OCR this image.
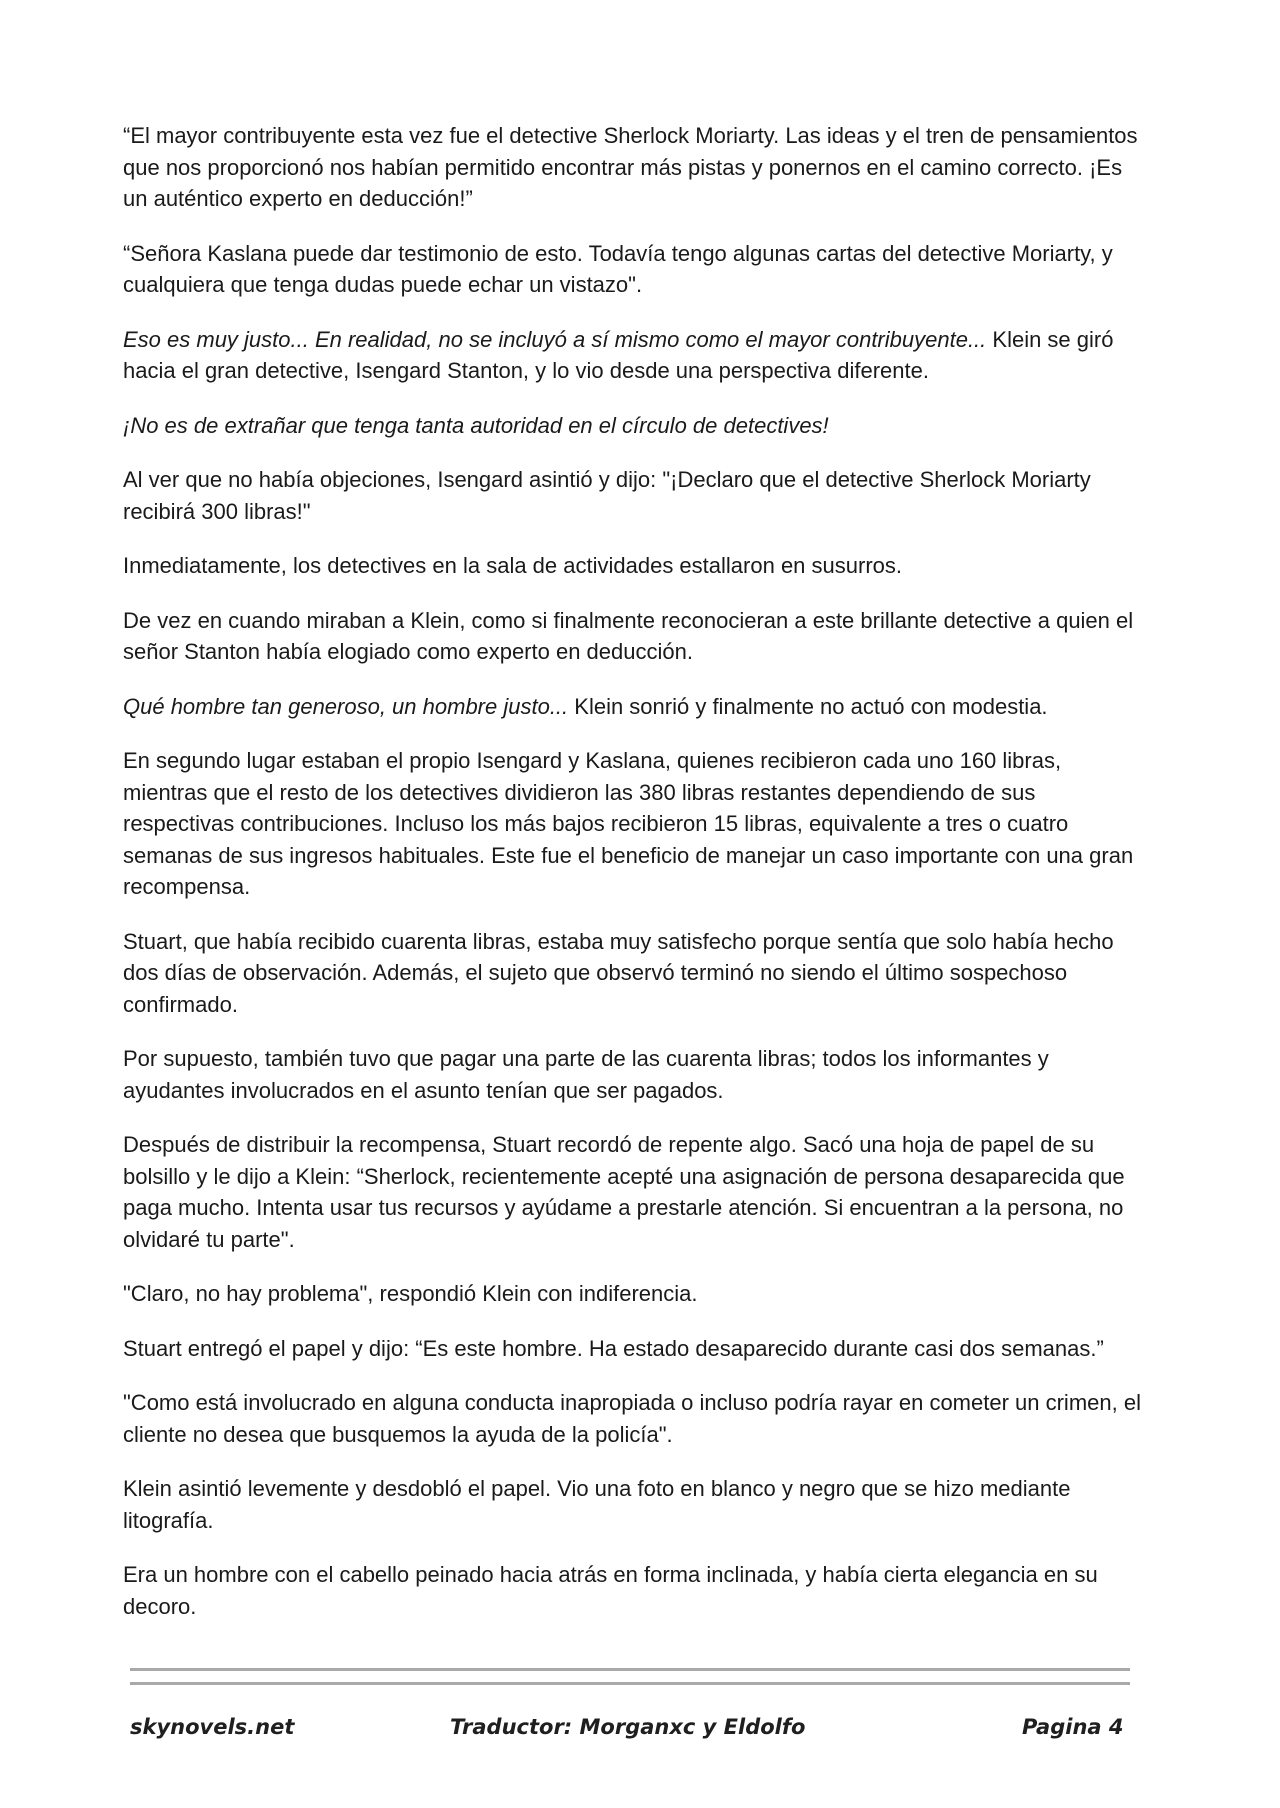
“El mayor contribuyente esta vez fue el detective Sherlock Moriarty. Las ideas y el tren de pensamientos que nos proporcionó nos habían permitido encontrar más pistas y ponernos en el camino correcto. ¡Es un auténtico experto en deducción!”

“Señora Kaslana puede dar testimonio de esto. Todavía tengo algunas cartas del detective Moriarty, y cualquiera que tenga dudas puede echar un vistazo".

Eso es muy justo... En realidad, no se incluyó a sí mismo como el mayor contribuyente... Klein se giró hacia el gran detective, Isengard Stanton, y lo vio desde una perspectiva diferente.

¡No es de extrañar que tenga tanta autoridad en el círculo de detectives!

Al ver que no había objeciones, Isengard asintió y dijo: "¡Declaro que el detective Sherlock Moriarty recibirá 300 libras!"

Inmediatamente, los detectives en la sala de actividades estallaron en susurros.

De vez en cuando miraban a Klein, como si finalmente reconocieran a este brillante detective a quien el señor Stanton había elogiado como experto en deducción.

Qué hombre tan generoso, un hombre justo... Klein sonrió y finalmente no actuó con modestia.

En segundo lugar estaban el propio Isengard y Kaslana, quienes recibieron cada uno 160 libras, mientras que el resto de los detectives dividieron las 380 libras restantes dependiendo de sus respectivas contribuciones. Incluso los más bajos recibieron 15 libras, equivalente a tres o cuatro semanas de sus ingresos habituales. Este fue el beneficio de manejar un caso importante con una gran recompensa.

Stuart, que había recibido cuarenta libras, estaba muy satisfecho porque sentía que solo había hecho dos días de observación. Además, el sujeto que observó terminó no siendo el último sospechoso confirmado.

Por supuesto, también tuvo que pagar una parte de las cuarenta libras; todos los informantes y ayudantes involucrados en el asunto tenían que ser pagados.

Después de distribuir la recompensa, Stuart recordó de repente algo. Sacó una hoja de papel de su bolsillo y le dijo a Klein: “Sherlock, recientemente acepté una asignación de persona desaparecida que paga mucho. Intenta usar tus recursos y ayúdame a prestarle atención. Si encuentran a la persona, no olvidaré tu parte".

"Claro, no hay problema", respondió Klein con indiferencia.

Stuart entregó el papel y dijo: “Es este hombre. Ha estado desaparecido durante casi dos semanas.”

"Como está involucrado en alguna conducta inapropiada o incluso podría rayar en cometer un crimen, el cliente no desea que busquemos la ayuda de la policía".

Klein asintió levemente y desdobló el papel. Vio una foto en blanco y negro que se hizo mediante litografía.

Era un hombre con el cabello peinado hacia atrás en forma inclinada, y había cierta elegancia en su decoro.

skynovels.net	Traductor: Morganxc y Eldolfo	Pagina 4
